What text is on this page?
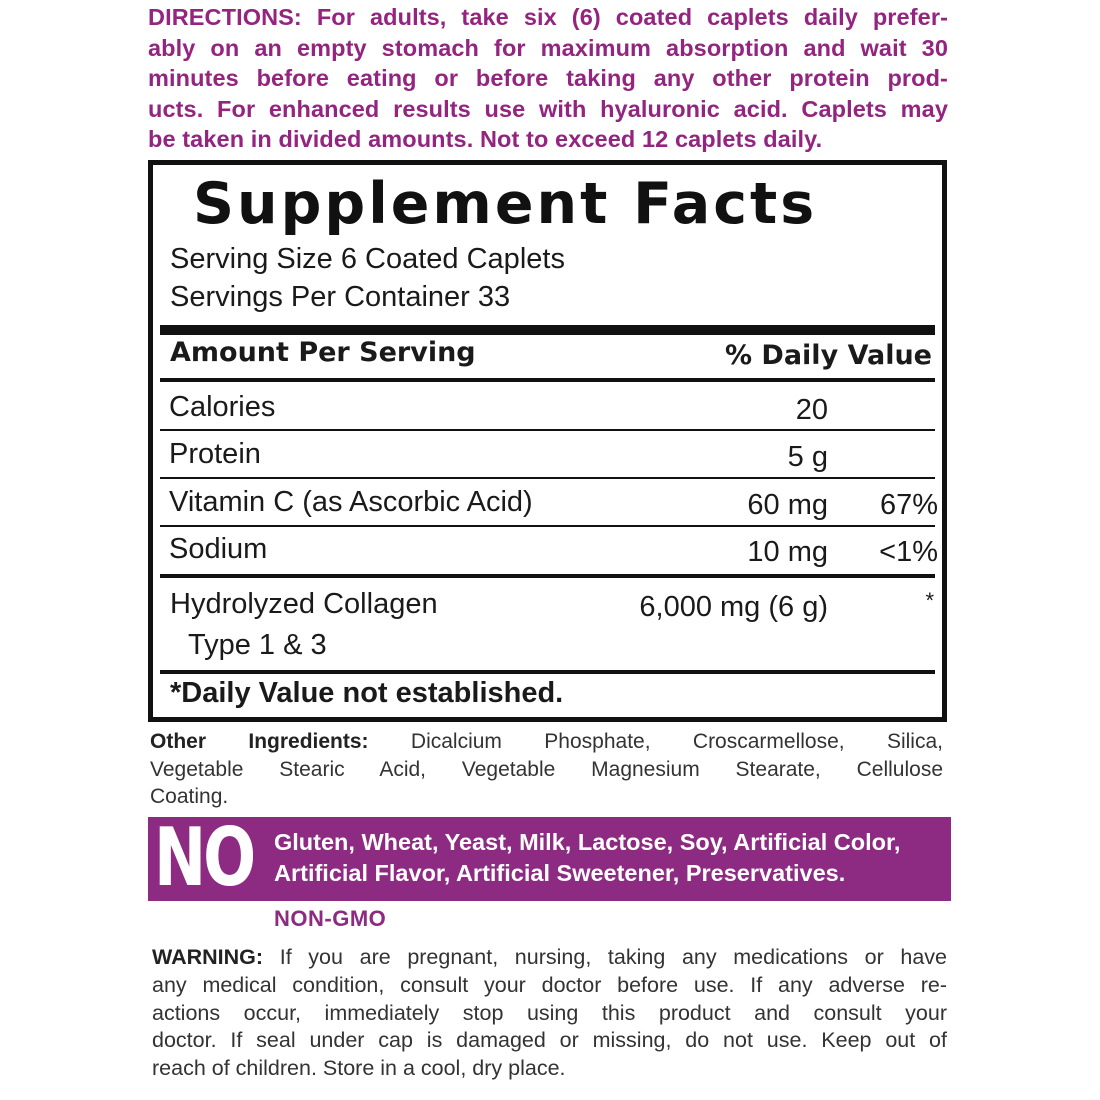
DIRECTIONS: For adults, take six (6) coated caplets daily prefer-
ably on an empty stomach for maximum absorption and wait 30
minutes before eating or before taking any other protein prod-
ucts. For enhanced results use with hyaluronic acid. Caplets may
be taken in divided amounts. Not to exceed 12 caplets daily.
Supplement Facts
Serving Size 6 Coated Caplets
Servings Per Container 33
Amount Per Serving	% Daily Value
Calories	20
Protein	5 g
Vitamin C (as Ascorbic Acid)	60 mg 67%
Sodium	10 mg <1%
Hydrolyzed Collagen
Type 1 & 3
6,000 mg (6 g)	*
*Daily Value not established.
Other Ingredients: Dicalcium Phosphate, Croscarmellose, Silica,
Vegetable Stearic Acid, Vegetable Magnesium Stearate, Cellulose
Coating.
NO Gluten, Wheat, Yeast, Milk, Lactose, Soy, Artificial Color,
Artificial Flavor, Artificial Sweetener, Preservatives.
NON-GMO
WARNING: If you are pregnant, nursing, taking any medications or have
any medical condition, consult your doctor before use. If any adverse re-
actions occur, immediately stop using this product and consult your
doctor. If seal under cap is damaged or missing, do not use. Keep out of
reach of children. Store in a cool, dry place.
